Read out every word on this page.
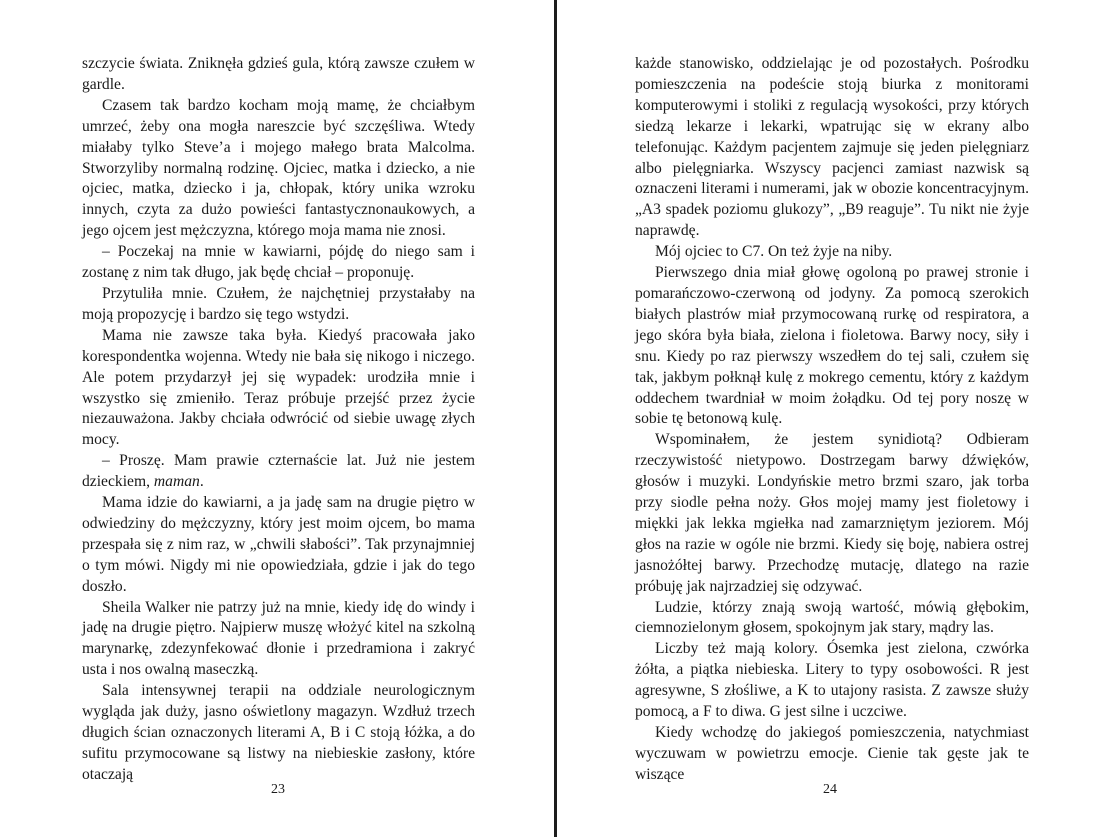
szczycie świata. Zniknęła gdzieś gula, którą zawsze czułem w gardle.

Czasem tak bardzo kocham moją mamę, że chciałbym umrzeć, żeby ona mogła nareszcie być szczęśliwa. Wtedy miałaby tylko Steve’a i mojego małego brata Malcolma. Stworzyliby normalną rodzinę. Ojciec, matka i dziecko, a nie ojciec, matka, dziecko i ja, chłopak, który unika wzroku innych, czyta za dużo powieści fantastycznonaukowych, a jego ojcem jest mężczyzna, którego moja mama nie znosi.

– Poczekaj na mnie w kawiarni, pójdę do niego sam i zostanę z nim tak długo, jak będę chciał – proponuję.

Przytuliła mnie. Czułem, że najchętniej przystałaby na moją propozycję i bardzo się tego wstydzi.

Mama nie zawsze taka była. Kiedyś pracowała jako korespondentka wojenna. Wtedy nie bała się nikogo i niczego. Ale potem przydarzył jej się wypadek: urodziła mnie i wszystko się zmieniło. Teraz próbuje przejść przez życie niezauważona. Jakby chciała odwrócić od siebie uwagę złych mocy.

– Proszę. Mam prawie czternaście lat. Już nie jestem dzieckiem, maman.

Mama idzie do kawiarni, a ja jadę sam na drugie piętro w odwiedziny do mężczyzny, który jest moim ojcem, bo mama przespała się z nim raz, w „chwili słabości”. Tak przynajmniej o tym mówi. Nigdy mi nie opowiedziała, gdzie i jak do tego doszło.

Sheila Walker nie patrzy już na mnie, kiedy idę do windy i jadę na drugie piętro. Najpierw muszę włożyć kitel na szkolną marynarkę, zdezynfekować dłonie i przedramiona i zakryć usta i nos owalną maseczką.

Sala intensywnej terapii na oddziale neurologicznym wygląda jak duży, jasno oświetlony magazyn. Wzdłuż trzech długich ścian oznaczonych literami A, B i C stoją łóżka, a do sufitu przymocowane są listwy na niebieskie zasłony, które otaczają

23

każde stanowisko, oddzielając je od pozostałych. Pośrodku pomieszczenia na podeście stoją biurka z monitorami komputerowymi i stoliki z regulacją wysokości, przy których siedzą lekarze i lekarki, wpatrując się w ekrany albo telefonując. Każdym pacjentem zajmuje się jeden pielęgniarz albo pielęgniarka. Wszyscy pacjenci zamiast nazwisk są oznaczeni literami i numerami, jak w obozie koncentracyjnym. „A3 spadek poziomu glukozy”, „B9 reaguje”. Tu nikt nie żyje naprawdę.

Mój ojciec to C7. On też żyje na niby.

Pierwszego dnia miał głowę ogoloną po prawej stronie i pomarańczowo-czerwoną od jodyny. Za pomocą szerokich białych plastrów miał przymocowaną rurkę od respiratora, a jego skóra była biała, zielona i fioletowa. Barwy nocy, siły i snu. Kiedy po raz pierwszy wszedłem do tej sali, czułem się tak, jakbym połknął kulę z mokrego cementu, który z każdym oddechem twardniał w moim żołądku. Od tej pory noszę w sobie tę betonową kulę.

Wspominałem, że jestem synidiotą? Odbieram rzeczywistość nietypowo. Dostrzegam barwy dźwięków, głosów i muzyki. Londyńskie metro brzmi szaro, jak torba przy siodle pełna noży. Głos mojej mamy jest fioletowy i miękki jak lekka mgiełka nad zamarzniętym jeziorem. Mój głos na razie w ogóle nie brzmi. Kiedy się boję, nabiera ostrej jasnożółtej barwy. Przechodzę mutację, dlatego na razie próbuję jak najrzadziej się odzywać.

Ludzie, którzy znają swoją wartość, mówią głębokim, ciemnozielonym głosem, spokojnym jak stary, mądry las.

Liczby też mają kolory. Ósemka jest zielona, czwórka żółta, a piątka niebieska. Litery to typy osobowości. R jest agresywne, S złośliwe, a K to utajony rasista. Z zawsze służy pomocą, a F to diwa. G jest silne i uczciwe.

Kiedy wchodzę do jakiegoś pomieszczenia, natychmiast wyczuwam w powietrzu emocje. Cienie tak gęste jak te wiszące

24
